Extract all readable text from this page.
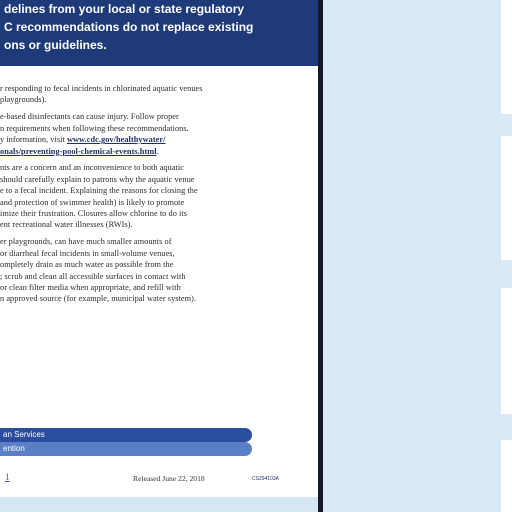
delines from your local or state regulatory
C recommendations do not replace existing
ons or guidelines.
r responding to fecal incidents in chlorinated aquatic venues
playgrounds).
e-based disinfectants can cause injury. Follow proper
n requirements when following these recommendations.
y information, visit www.cdc.gov/healthywater/
onals/preventing-pool-chemical-events.html.
nts are a concern and an inconvenience to both aquatic
should carefully explain to patrons why the aquatic venue
e to a fecal incident. Explaining the reasons for closing the
and protection of swimmer health) is likely to promote
imize their frustration. Closures allow chlorine to do its
ent recreational water illnesses (RWIs).
er playgrounds, can have much smaller amounts of
or diarrheal fecal incidents in small-volume venues,
ompletely drain as much water as possible from the
; scrub and clean all accessible surfaces in contact with
or clean filter media when appropriate, and refill with
n approved source (for example, municipal water system).
an Services
ention
1	Released June 22, 2018	CS294103A
